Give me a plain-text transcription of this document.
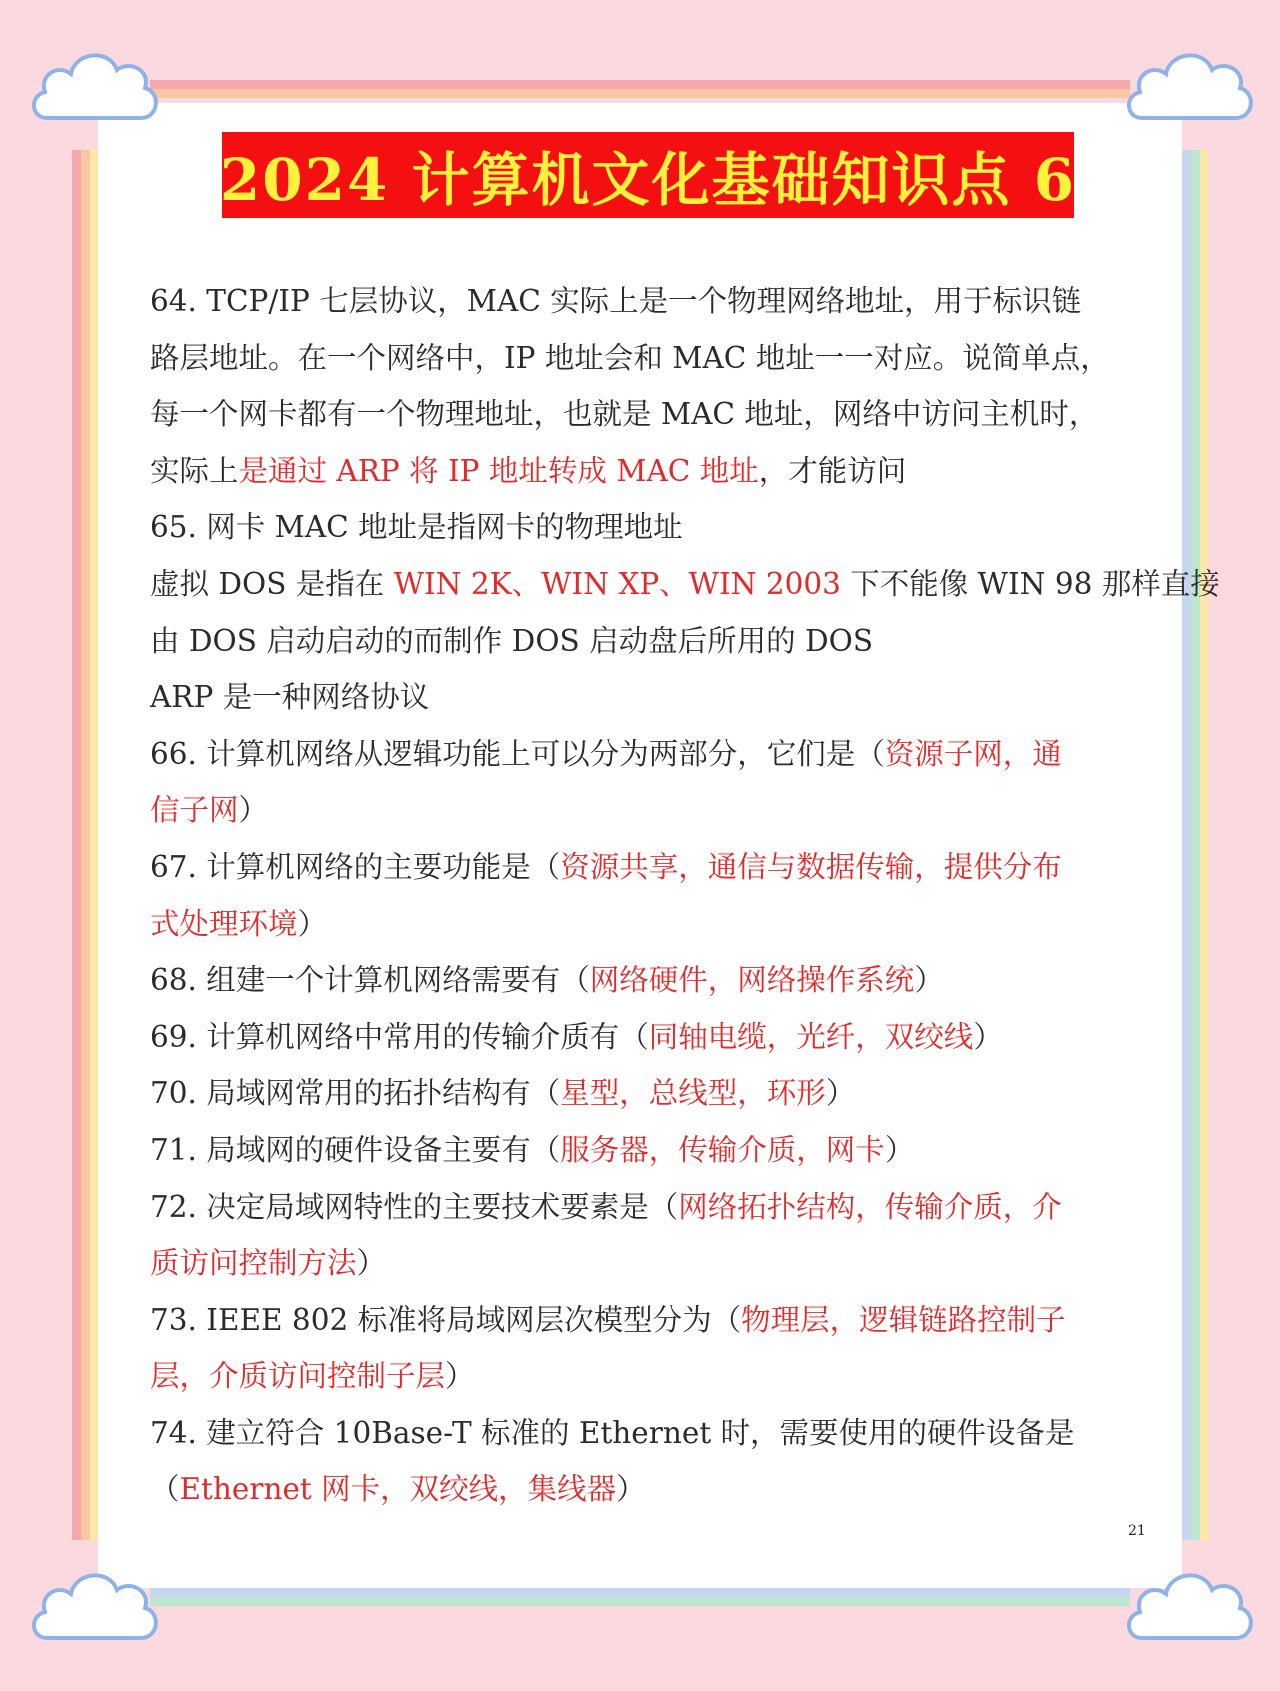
2024 计算机文化基础知识点 6
64. TCP/IP 七层协议，MAC 实际上是一个物理网络地址，用于标识链
路层地址。在一个网络中，IP 地址会和 MAC 地址一一对应。说简单点，
每一个网卡都有一个物理地址，也就是 MAC 地址，网络中访问主机时，
实际上是通过 ARP 将 IP 地址转成 MAC 地址，才能访问
65. 网卡 MAC 地址是指网卡的物理地址
虚拟 DOS 是指在 WIN 2K、WIN XP、WIN 2003 下不能像 WIN 98 那样直接
由 DOS 启动启动的而制作 DOS 启动盘后所用的 DOS
ARP 是一种网络协议
66. 计算机网络从逻辑功能上可以分为两部分，它们是（资源子网，通
信子网）
67. 计算机网络的主要功能是（资源共享，通信与数据传输，提供分布
式处理环境）
68. 组建一个计算机网络需要有（网络硬件，网络操作系统）
69. 计算机网络中常用的传输介质有（同轴电缆，光纤，双绞线）
70. 局域网常用的拓扑结构有（星型，总线型，环形）
71. 局域网的硬件设备主要有（服务器，传输介质，网卡）
72. 决定局域网特性的主要技术要素是（网络拓扑结构，传输介质，介
质访问控制方法）
73. IEEE 802 标准将局域网层次模型分为（物理层，逻辑链路控制子
层，介质访问控制子层）
74. 建立符合 10Base-T 标准的 Ethernet 时，需要使用的硬件设备是
（Ethernet 网卡，双绞线，集线器）
21
